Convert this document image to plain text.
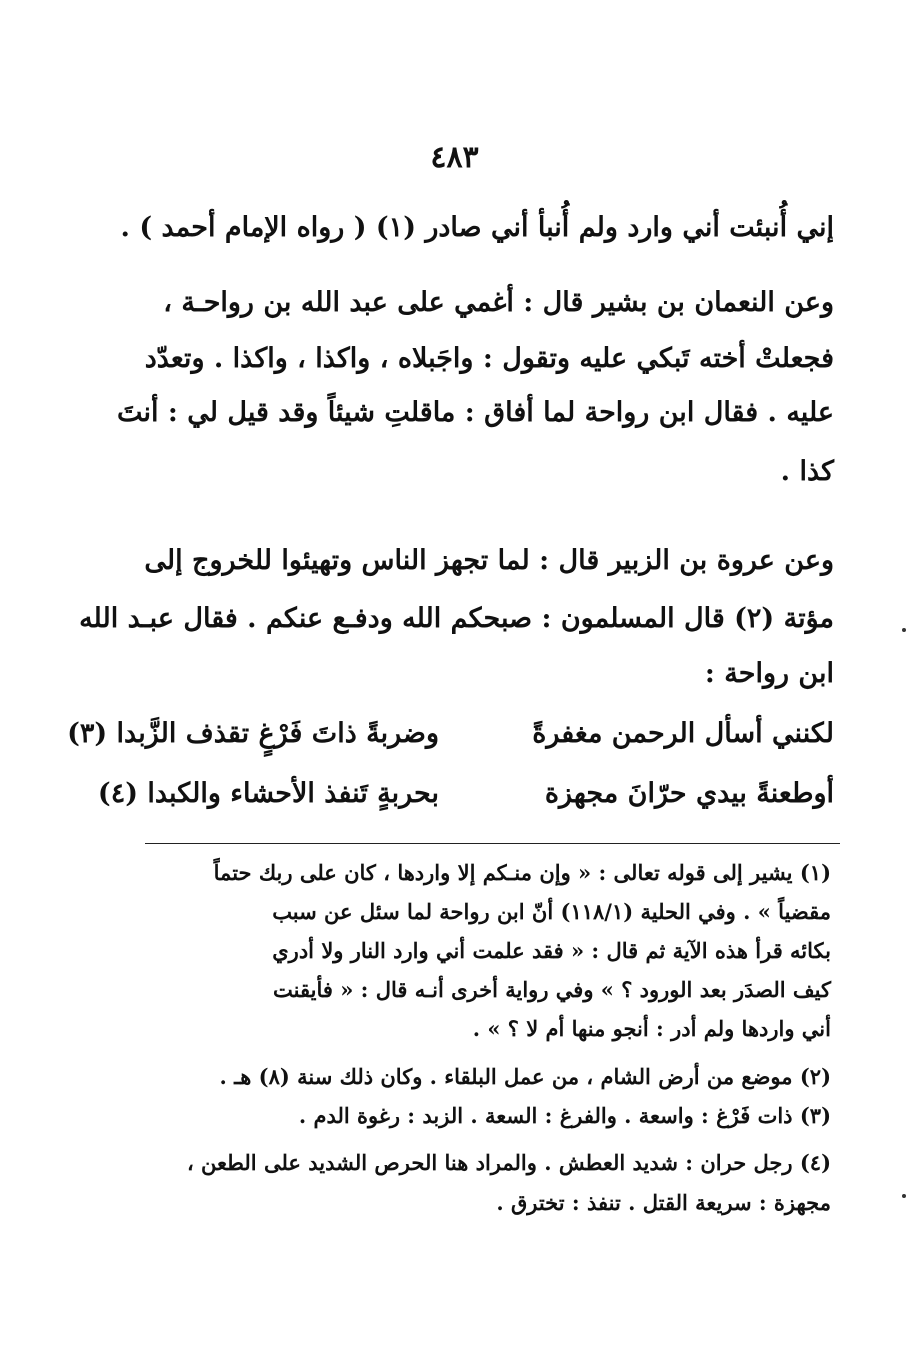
٤٨٣
إني أُنبئت أني وارد ولم أُنبأ أني صادر (١) ( رواه الإمام أحمد ) .
وعن النعمان بن بشير قال : أغمي على عبد الله بن رواحـة ،
فجعلتْ أخته تَبكي عليه وتقول : واجَبلاه ، واكذا ، واكذا . وتعدّد
عليه . فقال ابن رواحة لما أفاق : ماقلتِ شيئاً وقد قيل لي : أنتَ
كذا .
وعن عروة بن الزبير قال : لما تجهز الناس وتهيئوا للخروج إلى
مؤتة (٢) قال المسلمون : صبحكم الله ودفـع عنكم . فقال عبـد الله
ابن رواحة :
لكنني أسأل الرحمن مغفرةً
وضربةً ذاتَ فَرْغٍ تقذف الزَّبدا (٣)
أوطعنةً بيدي حرّانَ مجهزة
بحربةٍ تَنفذ الأحشاء والكبدا (٤)
(١) يشير إلى قوله تعالى : « وإن منـكم إلا واردها ، كان على ربك حتماً
مقضياً » . وفي الحلية (١١٨/١) أنّ ابن رواحة لما سئل عن سبب
بكائه قرأ هذه الآية ثم قال : « فقد علمت أني وارد النار ولا أدري
كيف الصدَر بعد الورود ؟ » وفي رواية أخرى أنـه قال : « فأيقنت
أني واردها ولم أدر : أنجو منها أم لا ؟ » .
(٢) موضع من أرض الشام ، من عمل البلقاء . وكان ذلك سنة (٨) هـ .
(٣) ذات فَرْغ : واسعة . والفرغ : السعة . الزبد : رغوة الدم .
(٤) رجل حران : شديد العطش . والمراد هنا الحرص الشديد على الطعن ،
مجهزة : سريعة القتل . تنفذ : تخترق .
